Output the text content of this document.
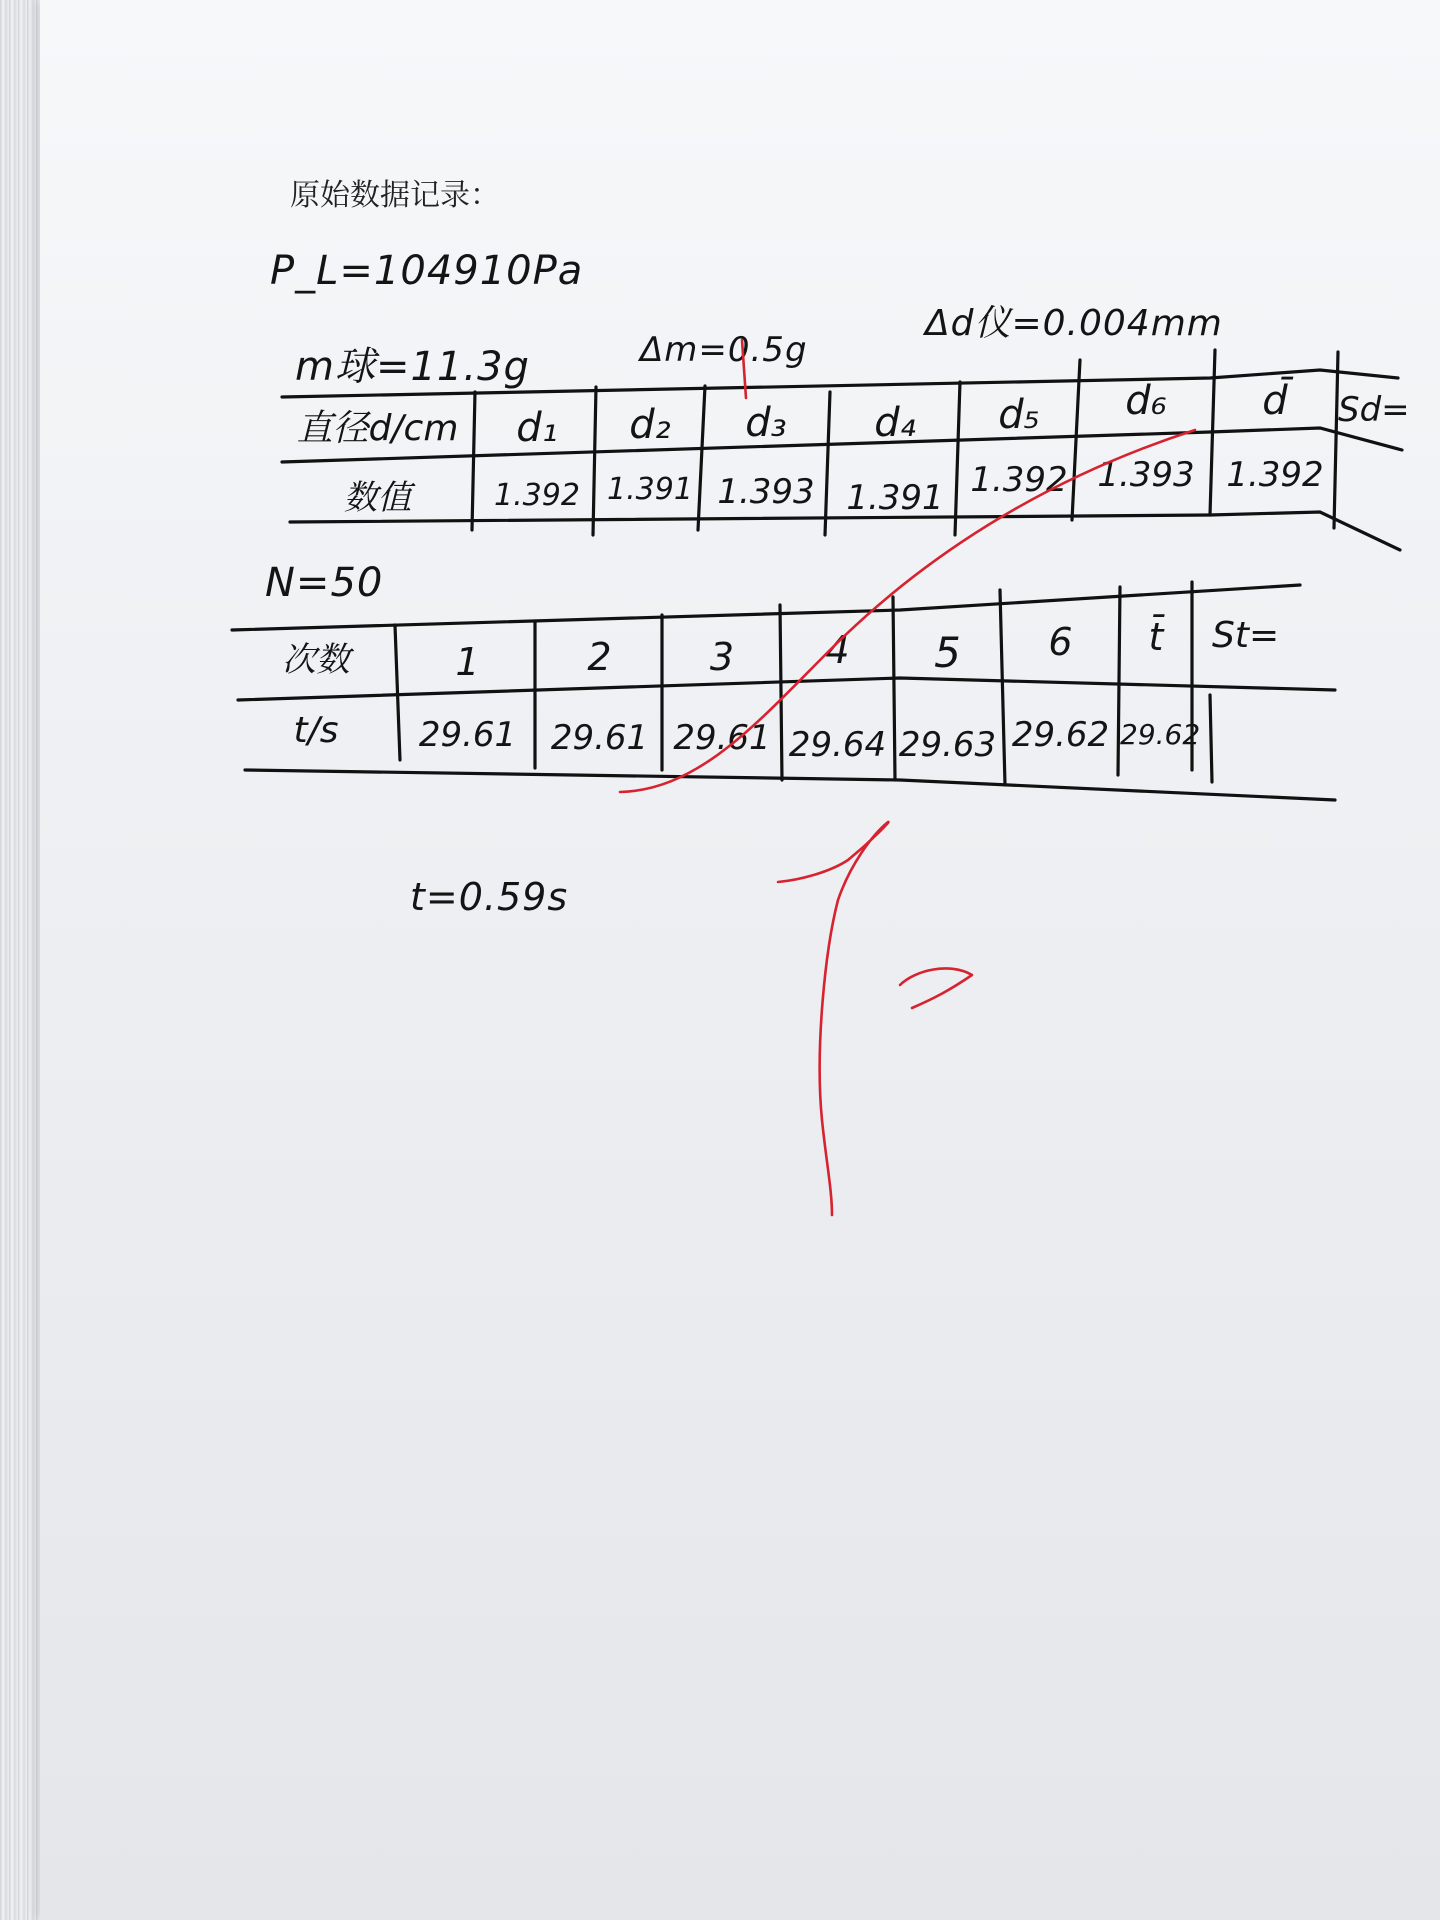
原始数据记录：
P_L=104910Pa
m球=11.3g	Δm=0.5g
Δd仪=0.004mm
直径d/cm	d₁	d₂	d₃	d₄	d₅	d₆	d̄	Sd=
数值	1.392 1.391 1.393 1.391 1.392 1.393 1.392
N=50
次数	1	2	3	4	5	6	t̄	St=
t/s	29.61	29.61 29.61 29.64 29.63 29.62 29.62
t=0.59s
